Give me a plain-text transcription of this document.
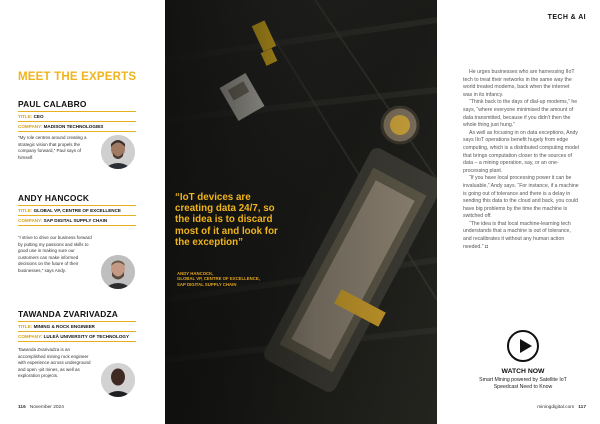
MEET THE EXPERTS
PAUL CALABRO
TITLE: CEO
COMPANY: MADISON TECHNOLOGIES
“My role centres around creating a strategic vision that propels the company forward,” Paul says of himself.
ANDY HANCOCK
TITLE: GLOBAL VP, CENTRE OF EXCELLENCE
COMPANY: SAP DIGITAL SUPPLY CHAIN
“I strive to drive our business forward by putting my passions and skills to good use in making sure our customers can make informed decisions on the future of their businesses,” says Andy.
TAWANDA ZVARIVADZA
TITLE: MINING & ROCK ENGINEER
COMPANY: LULEÅ UNIVERSITY OF TECHNOLOGY
Tawanda Zvarivadza is an accomplished mining rock engineer with experience across underground and open -pit mines, as well as exploration projects.
116 November 2024
“IoT devices are creating data 24/7, so the idea is to discard most of it and look for the exception”
ANDY HANCOCK,
GLOBAL VP, CENTRE OF EXCELLENCE,
SAP DIGITAL SUPPLY CHAIN
TECH & AI

He urges businesses who are harnessing IIoT tech to treat their networks in the same way the world treated modems, back when the internet was in its infancy.

“Think back to the days of dial-up modems,” he says, “where everyone minimised the amount of data transmitted, because if you didn't then the whole thing just hung.”

As well as focusing in on data exceptions, Andy says IIoT operations benefit hugely from edge computing, which is a distributed computing model that brings computation closer to the sources of data – a mining operation, say, or an one-processing plant.

“If you have local processing power it can be invaluable,” Andy says. “For instance, if a machine is going out of tolerance and there is a delay in sending this data to the cloud and back, you could have big problems by the time the machine is switched off.

“The idea is that local machine-learning tech understands that a machine is out of tolerance, and recalibrates it without any human action needed.” ◘

WATCH NOW
Smart Mining powered by Satellite IoT Speedcast Need to Know
miningdigital.com 117
